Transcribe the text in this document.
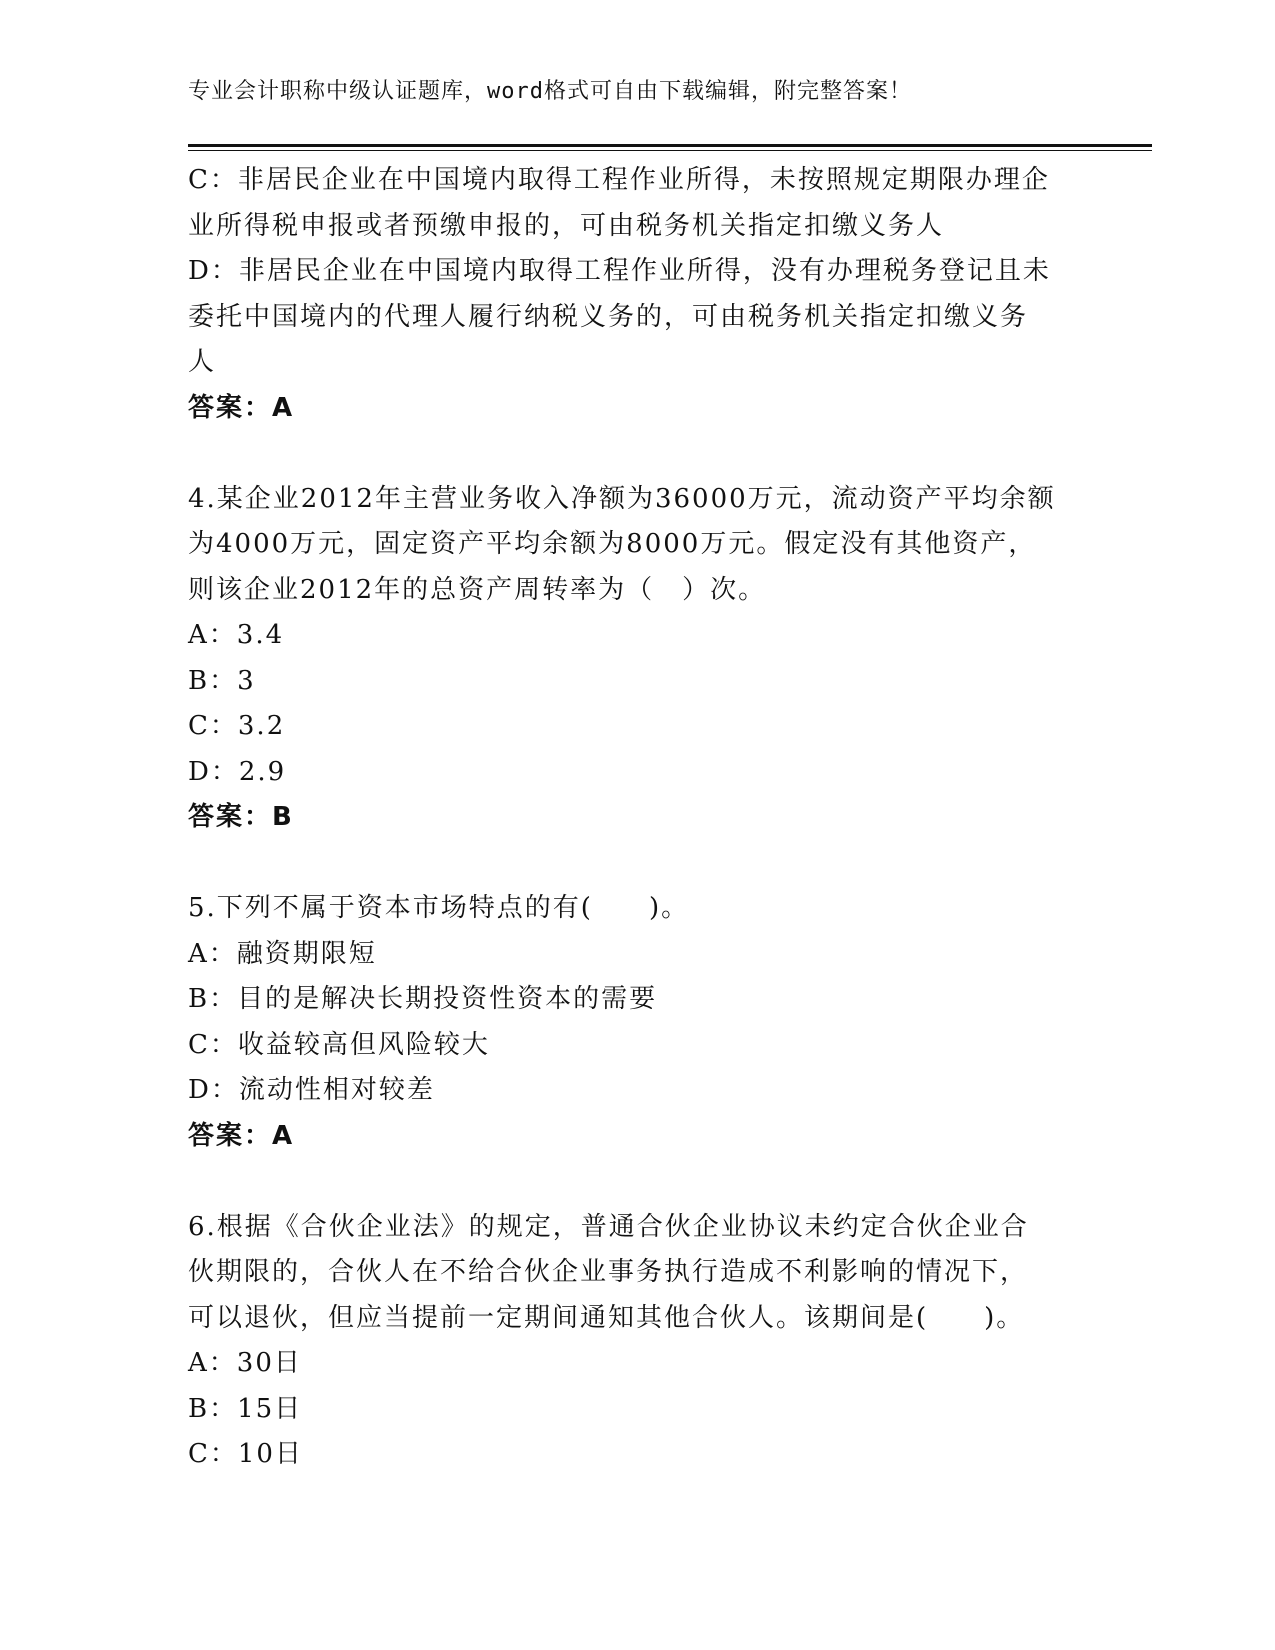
专业会计职称中级认证题库，word格式可自由下载编辑，附完整答案！
C：非居民企业在中国境内取得工程作业所得，未按照规定期限办理企
业所得税申报或者预缴申报的，可由税务机关指定扣缴义务人
D：非居民企业在中国境内取得工程作业所得，没有办理税务登记且未
委托中国境内的代理人履行纳税义务的，可由税务机关指定扣缴义务
人
答案：A
4.某企业2012年主营业务收入净额为36000万元，流动资产平均余额
为4000万元，固定资产平均余额为8000万元。假定没有其他资产，
则该企业2012年的总资产周转率为（　）次。
A：3.4
B：3
C：3.2
D：2.9
答案：B
5.下列不属于资本市场特点的有(　　)。
A：融资期限短
B：目的是解决长期投资性资本的需要
C：收益较高但风险较大
D：流动性相对较差
答案：A
6.根据《合伙企业法》的规定，普通合伙企业协议未约定合伙企业合
伙期限的，合伙人在不给合伙企业事务执行造成不利影响的情况下，
可以退伙，但应当提前一定期间通知其他合伙人。该期间是(　　)。
A：30日
B：15日
C：10日
